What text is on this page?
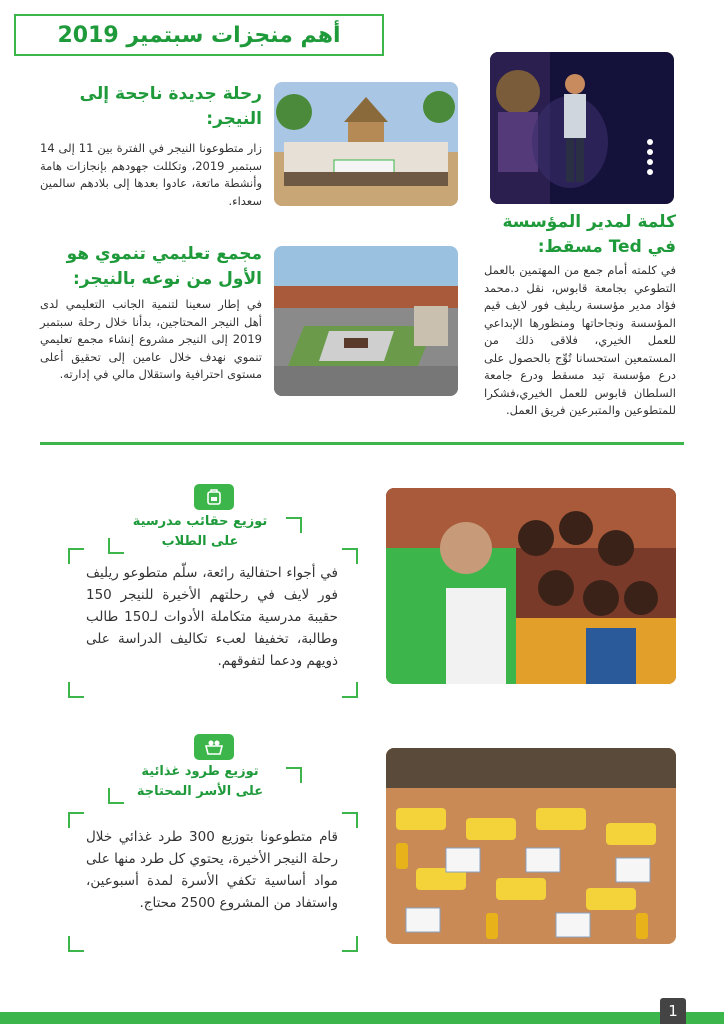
أهم منجزات سبتمير 2019
كلمة لمدير المؤسسة في Ted مسقط:
في كلمته أمام جمع من المهتمين بالعمل التطوعي بجامعة قابوس، نقل د.محمد فؤاد مدير مؤسسة ريليف فور لايف قيم المؤسسة ونجاحاتها ومنظورها الإبداعي للعمل الخيري، فلاقى ذلك من المستمعين استحسانا تُوِّج بالحصول على درع مؤسسة تيد مسقط ودرع جامعة السلطان قابوس للعمل الخيري،فشكرا للمتطوعين والمتبرعين فريق العمل.
رحلة جديدة ناجحة إلى النيجر:
زار متطوعونا النيجر في الفترة بين 11 إلى 14 سبتمبر 2019، وتكللت جهودهم بإنجازات هامة وأنشطة ماتعة، عادوا بعدها إلى بلادهم سالمين سعداء.
مجمع تعليمي تنموي هو الأول من نوعه بالنيجر:
في إطار سعينا لتنمية الجانب التعليمي لدى أهل النيجر المحتاجين، بدأنا خلال رحلة سبتمبر 2019 إلى النيجر مشروع إنشاء مجمع تعليمي تنموي نهدف خلال عامين إلى تحقيق أعلى مستوى احترافية واستقلال مالي في إدارته.
توزيع حقائب مدرسية
على الطلاب
في أجواء احتفالية رائعة، سلّم متطوعو ريليف فور لايف في رحلتهم الأخيرة للنيجر 150 حقيبة مدرسية متكاملة الأدوات لـ150 طالب وطالبة، تخفيفا لعبء تكاليف الدراسة على ذويهم ودعما لتفوقهم.
توزيع طرود غذائية
على الأسر المحتاجة
قام متطوعونا بتوزيع 300 طرد غذائي خلال رحلة النيجر الأخيرة، يحتوي كل طرد منها على مواد أساسية تكفي الأسرة لمدة أسبوعين، واستفاد من المشروع 2500 محتاج.
1
